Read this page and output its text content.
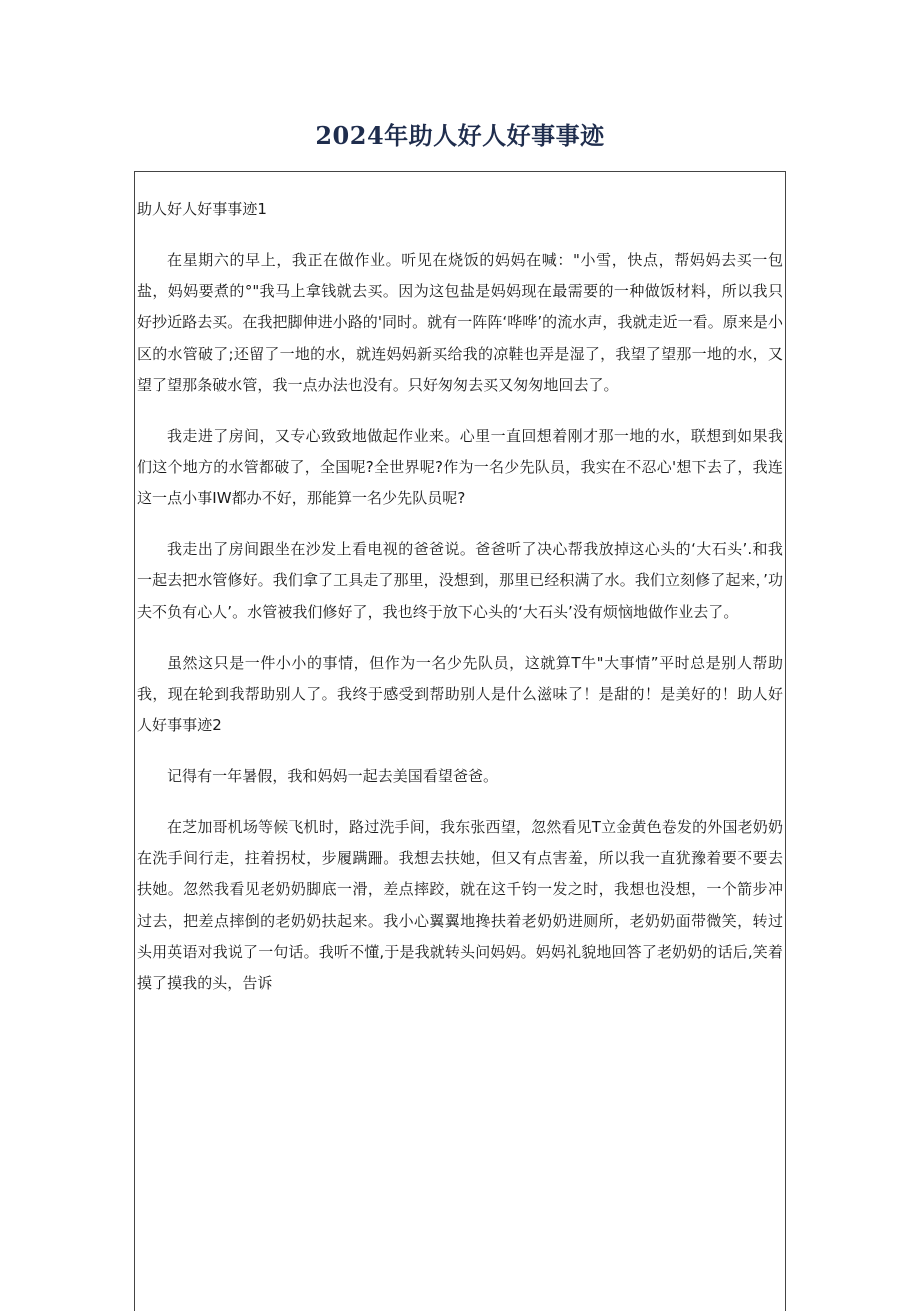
2024年助人好人好事事迹

助人好人好事事迹1

在星期六的早上，我正在做作业。听见在烧饭的妈妈在喊："小雪，快点，帮妈妈去买一包盐，妈妈要煮的°"我马上拿钱就去买。因为这包盐是妈妈现在最需要的一种做饭材料，所以我只好抄近路去买。在我把脚伸进小路的'同时。就有一阵阵‘哗哗’的流水声，我就走近一看。原来是小区的水管破了;还留了一地的水，就连妈妈新买给我的凉鞋也弄是湿了，我望了望那一地的水，又望了望那条破水管，我一点办法也没有。只好匆匆去买又匆匆地回去了。

我走进了房间，又专心致致地做起作业来。心里一直回想着刚才那一地的水，联想到如果我们这个地方的水管都破了，全国呢?全世界呢?作为一名少先队员，我实在不忍心'想下去了，我连这一点小事IW都办不好，那能算一名少先队员呢?

我走出了房间跟坐在沙发上看电视的爸爸说。爸爸听了决心帮我放掉这心头的‘大石头’.和我一起去把水管修好。我们拿了工具走了那里，没想到，那里已经积满了水。我们立刻修了起来，’功夫不负有心人’。水管被我们修好了，我也终于放下心头的‘大石头’没有烦恼地做作业去了。

虽然这只是一件小小的事情，但作为一名少先队员，这就算T牛"大事情”平时总是别人帮助我，现在轮到我帮助别人了。我终于感受到帮助别人是什么滋味了！是甜的！是美好的！助人好人好事事迹2

记得有一年暑假，我和妈妈一起去美国看望爸爸。

在芝加哥机场等候飞机时，路过洗手间，我东张西望，忽然看见T立金黄色卷发的外国老奶奶在洗手间行走，拄着拐杖，步履蹒跚。我想去扶她，但又有点害羞，所以我一直犹豫着要不要去扶她。忽然我看见老奶奶脚底一滑，差点摔跤，就在这千钧一发之时，我想也没想，一个箭步冲过去，把差点摔倒的老奶奶扶起来。我小心翼翼地搀扶着老奶奶进厕所，老奶奶面带微笑，转过头用英语对我说了一句话。我听不懂,于是我就转头问妈妈。妈妈礼貌地回答了老奶奶的话后,笑着摸了摸我的头，告诉
